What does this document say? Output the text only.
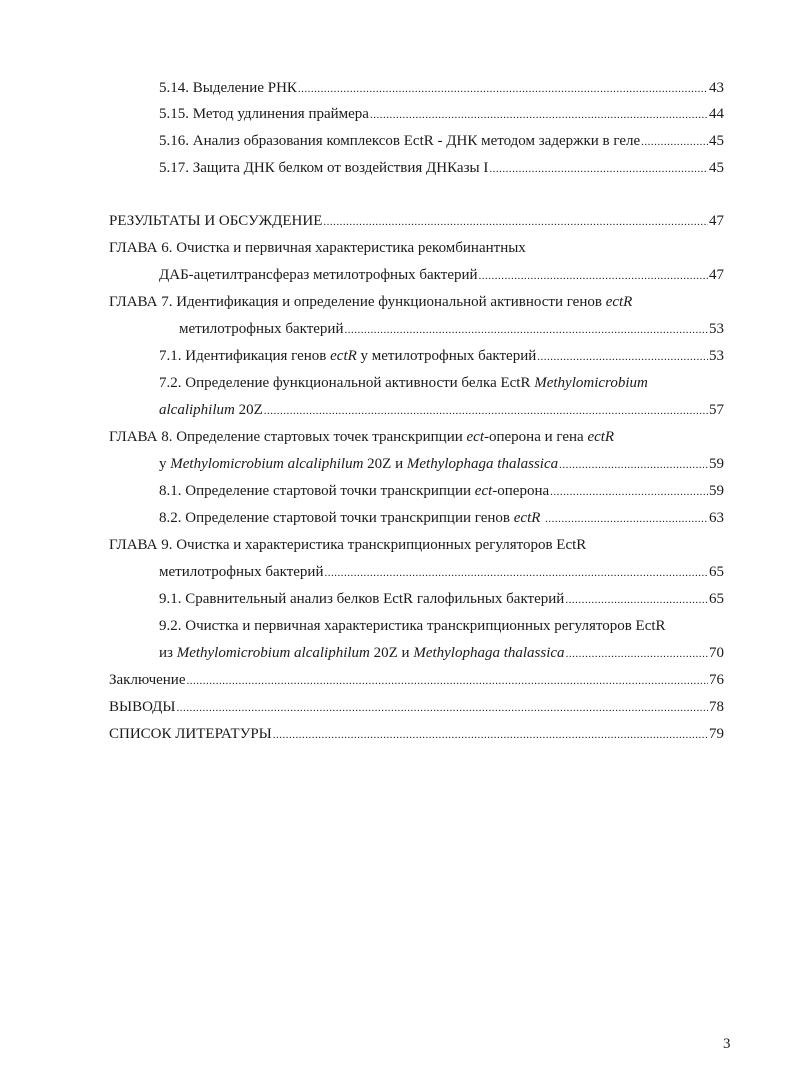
5.14. Выделение РНК .....	43
5.15. Метод удлинения праймера .....	44
5.16. Анализ образования комплексов EctR - ДНК методом задержки в геле .....	45
5.17. Защита ДНК белком от воздействия ДНКазы I .....	45
РЕЗУЛЬТАТЫ И ОБСУЖДЕНИЕ .....	47
ГЛАВА 6. Очистка и первичная характеристика рекомбинантных
ДАБ-ацетилтрансфераз метилотрофных бактерий .....	47
ГЛАВА 7. Идентификация и определение функциональной активности генов ectR
метилотрофных бактерий .....	53
7.1. Идентификация генов ectR у метилотрофных бактерий .....	53
7.2. Определение функциональной активности белка EctR Methylomicrobium
alcaliphilum 20Z .....	57
ГЛАВА 8. Определение стартовых точек транскрипции ect-оперона и гена ectR
у Methylomicrobium alcaliphilum 20Z и Methylophaga thalassica .....	59
8.1. Определение стартовой точки транскрипции ect-оперона .....	59
8.2. Определение стартовой точки транскрипции генов ectR .....	63
ГЛАВА 9. Очистка и характеристика транскрипционных регуляторов EctR
метилотрофных бактерий .....	65
9.1. Сравнительный анализ белков EctR галофильных бактерий .....	65
9.2. Очистка и первичная характеристика транскрипционных регуляторов EctR
из Methylomicrobium alcaliphilum 20Z и Methylophaga thalassica .....	70
Заключение .....	76
ВЫВОДЫ .....	78
СПИСОК ЛИТЕРАТУРЫ .....	79
3
